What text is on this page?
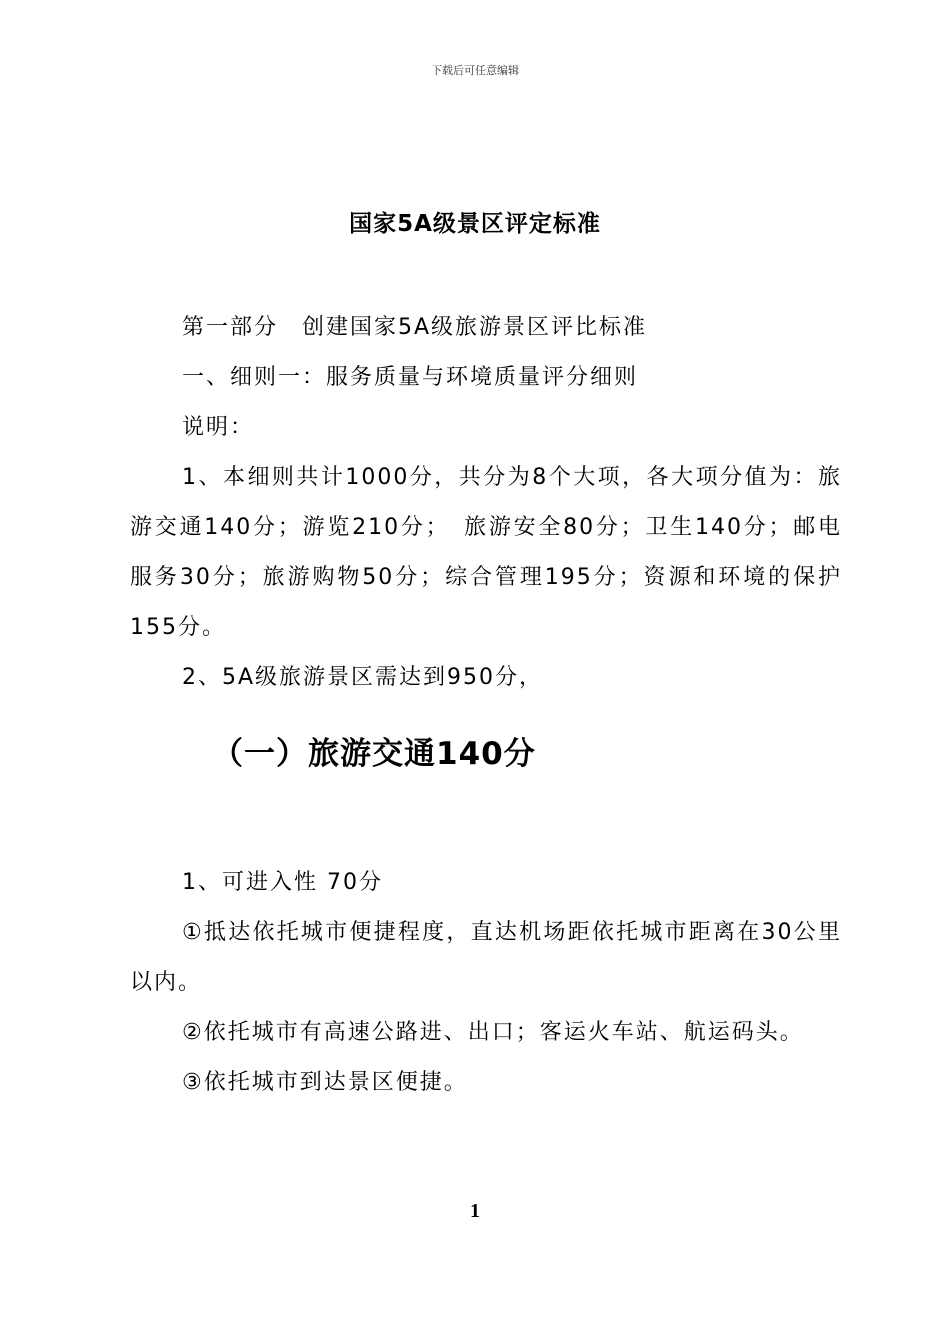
下载后可任意编辑
国家5A级景区评定标准

第一部分　创建国家5A级旅游景区评比标准

一、细则一：服务质量与环境质量评分细则

说明：

1、本细则共计1000分，共分为8个大项，各大项分值为：旅游交通140分；游览210分；　旅游安全80分；卫生140分；邮电服务30分；旅游购物50分；综合管理195分；资源和环境的保护155分。

2、5A级旅游景区需达到950分，

（一）旅游交通140分

1、可进入性 70分

①抵达依托城市便捷程度，直达机场距依托城市距离在30公里以内。

②依托城市有高速公路进、出口；客运火车站、航运码头。

③依托城市到达景区便捷。

1
